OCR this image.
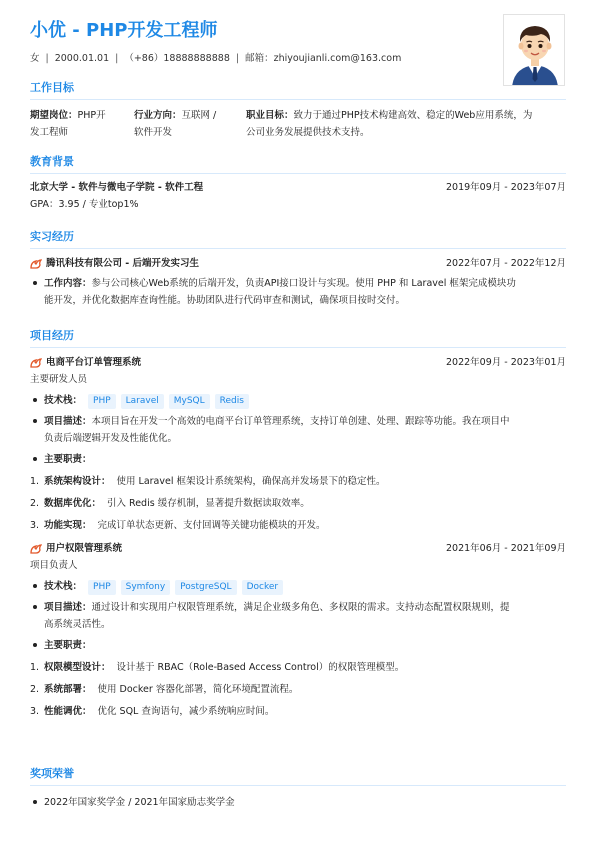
小优 - PHP开发工程师
女 | 2000.01.01 | （+86）18888888888 | 邮箱：zhiyoujianli.com@163.com
工作目标
期望岗位：PHP开
发工程师
行业方向：互联网 /
软件开发
职业目标：致力于通过PHP技术构建高效、稳定的Web应用系统，为
公司业务发展提供技术支持。
教育背景
北京大学 - 软件与微电子学院 - 软件工程	2019年09月 - 2023年07月
GPA：3.95 / 专业top1%
实习经历
腾讯科技有限公司 - 后端开发实习生	2022年07月 - 2022年12月
工作内容：参与公司核心Web系统的后端开发，负责API接口设计与实现。使用 PHP 和 Laravel 框架完成模块功
能开发，并优化数据库查询性能。协助团队进行代码审查和测试，确保项目按时交付。
项目经历
电商平台订单管理系统	2022年09月 - 2023年01月
主要研发人员
技术栈： PHP Laravel MySQL Redis
项目描述：本项目旨在开发一个高效的电商平台订单管理系统，支持订单创建、处理、跟踪等功能。我在项目中
负责后端逻辑开发及性能优化。
主要职责：
1. 系统架构设计： 使用 Laravel 框架设计系统架构，确保高并发场景下的稳定性。
2. 数据库优化： 引入 Redis 缓存机制，显著提升数据读取效率。
3. 功能实现： 完成订单状态更新、支付回调等关键功能模块的开发。
用户权限管理系统	2021年06月 - 2021年09月
项目负责人
技术栈： PHP Symfony PostgreSQL Docker
项目描述：通过设计和实现用户权限管理系统，满足企业级多角色、多权限的需求。支持动态配置权限规则，提
高系统灵活性。
主要职责：
1. 权限模型设计： 设计基于 RBAC（Role-Based Access Control）的权限管理模型。
2. 系统部署： 使用 Docker 容器化部署，简化环境配置流程。
3. 性能调优： 优化 SQL 查询语句，减少系统响应时间。
奖项荣誉
2022年国家奖学金 / 2021年国家励志奖学金
